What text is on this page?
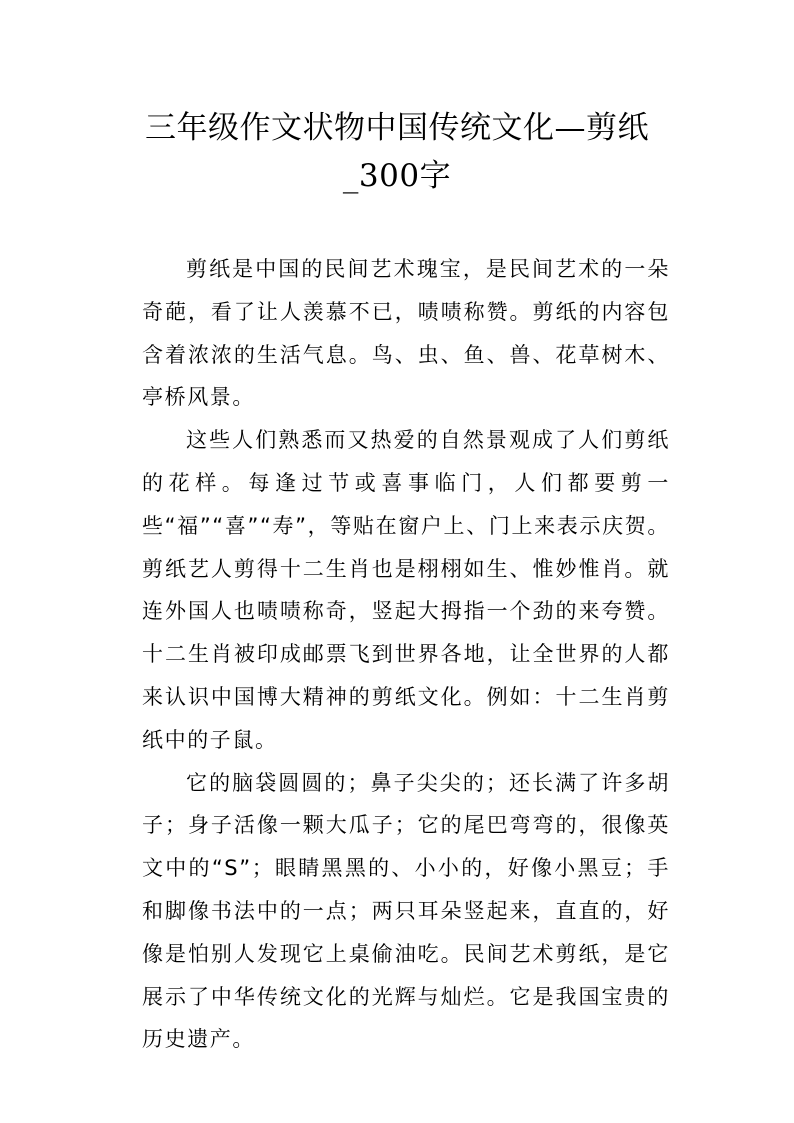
三年级作文状物中国传统文化—剪纸
_300字

剪纸是中国的民间艺术瑰宝，是民间艺术的一朵奇葩，看了让人羡慕不已，啧啧称赞。剪纸的内容包含着浓浓的生活气息。鸟、虫、鱼、兽、花草树木、亭桥风景。

这些人们熟悉而又热爱的自然景观成了人们剪纸的花样。每逢过节或喜事临门，人们都要剪一些“福”“喜”“寿”，等贴在窗户上、门上来表示庆贺。剪纸艺人剪得十二生肖也是栩栩如生、惟妙惟肖。就连外国人也啧啧称奇，竖起大拇指一个劲的来夸赞。十二生肖被印成邮票飞到世界各地，让全世界的人都来认识中国博大精神的剪纸文化。例如：十二生肖剪纸中的子鼠。

它的脑袋圆圆的；鼻子尖尖的；还长满了许多胡子；身子活像一颗大瓜子；它的尾巴弯弯的，很像英文中的“S”；眼睛黑黑的、小小的，好像小黑豆；手和脚像书法中的一点；两只耳朵竖起来，直直的，好像是怕别人发现它上桌偷油吃。民间艺术剪纸，是它展示了中华传统文化的光辉与灿烂。它是我国宝贵的历史遗产。
